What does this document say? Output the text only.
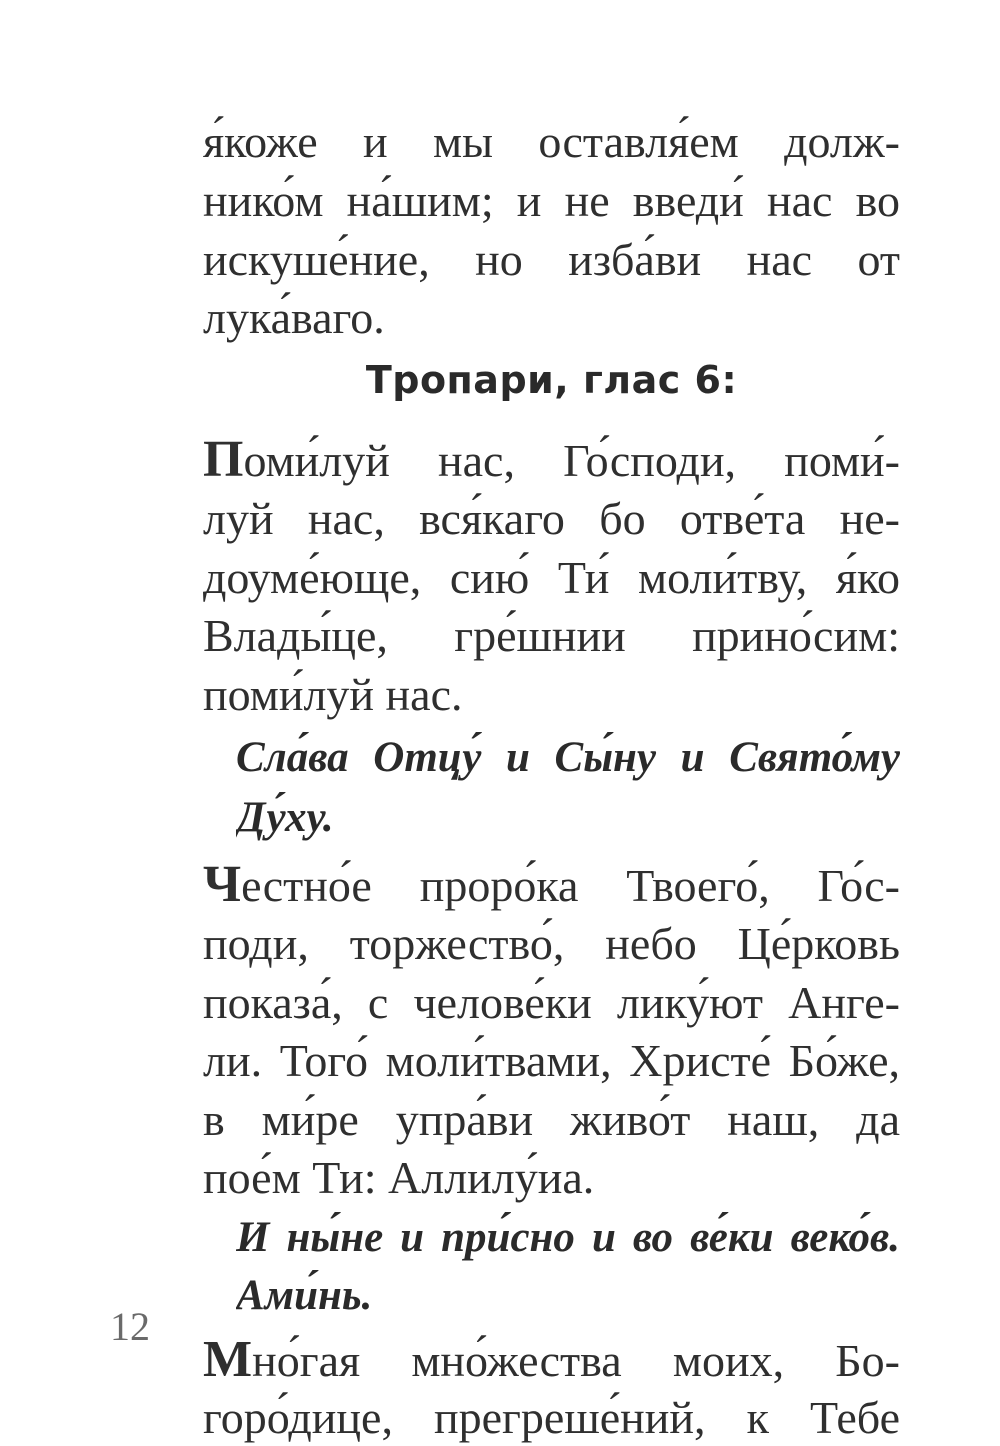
я́коже и мы оставля́ем долж-
нико́м на́шим; и не введи́ нас во
искуше́ние, но изба́ви нас от
лука́ваго.
Тропари, глас 6:
Поми́луй нас, Го́споди, поми́-
луй нас, вся́каго бо отве́та не-
доуме́юще, сию́ Ти́ моли́тву, я́ко
Влады́це, гре́шнии прино́сим:
поми́луй нас.
Сла́ва Отцу́ и Сы́ну и Свято́му
Ду́ху.
Честно́е проро́ка Твоего́, Го́с-
поди, торжество́, небо Це́рковь
показа́, с челове́ки лику́ют Анге-
ли. Того́ моли́твами, Христе́ Бо́же,
в ми́ре упра́ви живо́т наш, да
пое́м Ти: Аллилу́иа.
И ны́не и при́сно и во ве́ки веко́в.
Ами́нь.
Мно́гая мно́жества моих, Бо-
горо́дице, прегреше́ний, к Тебе
12
